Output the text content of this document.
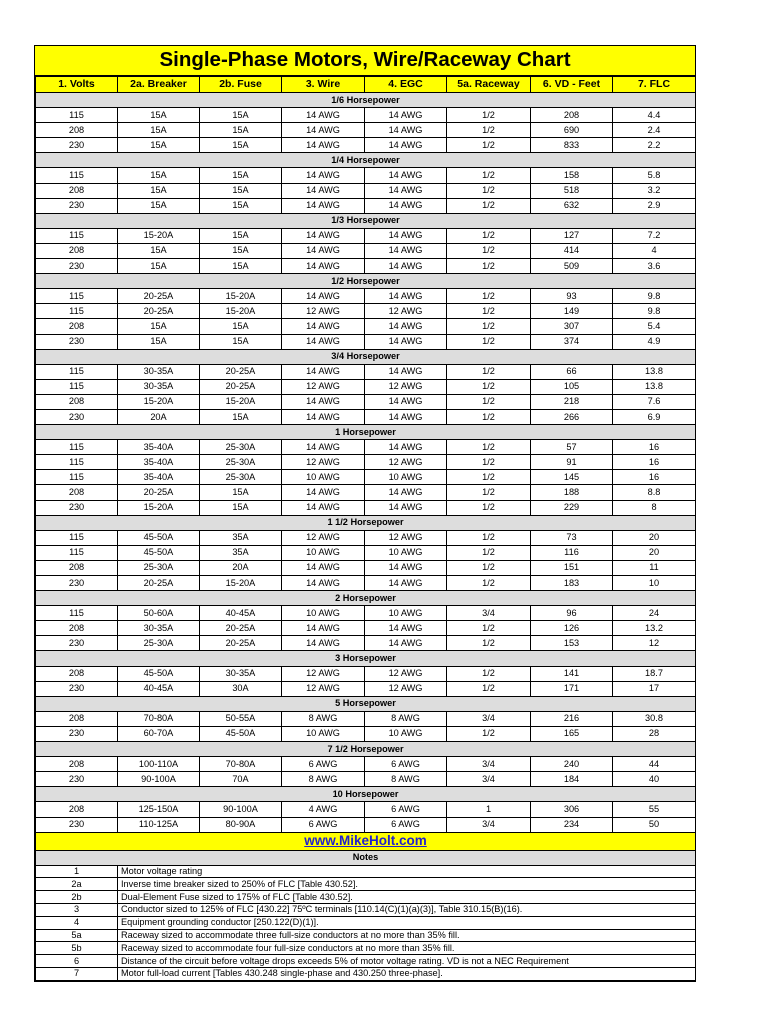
Single-Phase Motors, Wire/Raceway Chart
1. Volts	2a. Breaker	2b. Fuse	3. Wire	4. EGC	5a. Raceway	6. VD - Feet	7. FLC
1/6 Horsepower							
115	15A	15A	14 AWG	14 AWG	1/2	208	4.4
208	15A	15A	14 AWG	14 AWG	1/2	690	2.4
230	15A	15A	14 AWG	14 AWG	1/2	833	2.2
1/4 Horsepower							
115	15A	15A	14 AWG	14 AWG	1/2	158	5.8
208	15A	15A	14 AWG	14 AWG	1/2	518	3.2
230	15A	15A	14 AWG	14 AWG	1/2	632	2.9
1/3 Horsepower							
115	15-20A	15A	14 AWG	14 AWG	1/2	127	7.2
208	15A	15A	14 AWG	14 AWG	1/2	414	4
230	15A	15A	14 AWG	14 AWG	1/2	509	3.6
1/2 Horsepower							
115	20-25A	15-20A	14 AWG	14 AWG	1/2	93	9.8
115	20-25A	15-20A	12 AWG	12 AWG	1/2	149	9.8
208	15A	15A	14 AWG	14 AWG	1/2	307	5.4
230	15A	15A	14 AWG	14 AWG	1/2	374	4.9
3/4 Horsepower							
115	30-35A	20-25A	14 AWG	14 AWG	1/2	66	13.8
115	30-35A	20-25A	12 AWG	12 AWG	1/2	105	13.8
208	15-20A	15-20A	14 AWG	14 AWG	1/2	218	7.6
230	20A	15A	14 AWG	14 AWG	1/2	266	6.9
1 Horsepower							
115	35-40A	25-30A	14 AWG	14 AWG	1/2	57	16
115	35-40A	25-30A	12 AWG	12 AWG	1/2	91	16
115	35-40A	25-30A	10 AWG	10 AWG	1/2	145	16
208	20-25A	15A	14 AWG	14 AWG	1/2	188	8.8
230	15-20A	15A	14 AWG	14 AWG	1/2	229	8
1 1/2 Horsepower							
115	45-50A	35A	12 AWG	12 AWG	1/2	73	20
115	45-50A	35A	10 AWG	10 AWG	1/2	116	20
208	25-30A	20A	14 AWG	14 AWG	1/2	151	11
230	20-25A	15-20A	14 AWG	14 AWG	1/2	183	10
2 Horsepower							
115	50-60A	40-45A	10 AWG	10 AWG	3/4	96	24
208	30-35A	20-25A	14 AWG	14 AWG	1/2	126	13.2
230	25-30A	20-25A	14 AWG	14 AWG	1/2	153	12
3 Horsepower							
208	45-50A	30-35A	12 AWG	12 AWG	1/2	141	18.7
230	40-45A	30A	12 AWG	12 AWG	1/2	171	17
5 Horsepower							
208	70-80A	50-55A	8 AWG	8 AWG	3/4	216	30.8
230	60-70A	45-50A	10 AWG	10 AWG	1/2	165	28
7 1/2 Horsepower							
208	100-110A	70-80A	6 AWG	6 AWG	3/4	240	44
230	90-100A	70A	8 AWG	8 AWG	3/4	184	40
10 Horsepower							
208	125-150A	90-100A	4 AWG	6 AWG	1	306	55
230	110-125A	80-90A	6 AWG	6 AWG	3/4	234	50
www.MikeHolt.com							
Notes							
1	Motor voltage rating						
2a	Inverse time breaker sized to 250% of FLC [Table 430.52].						
2b	Dual-Element Fuse sized to 175% of FLC [Table 430.52].						
3	Conductor sized to 125% of FLC [430.22] 75ºC terminals [110.14(C)(1)(a)(3)], Table 310.15(B)(16).						
4	Equipment grounding conductor [250.122(D)(1)].						
5a	Raceway sized to accommodate three full-size conductors at no more than 35% fill.						
5b	Raceway sized to accommodate four full-size conductors at no more than 35% fill.						
6	Distance of the circuit before voltage drops exceeds 5% of motor voltage rating. VD is not a NEC Requirement						
7	Motor full-load current [Tables 430.248 single-phase and 430.250 three-phase].						
